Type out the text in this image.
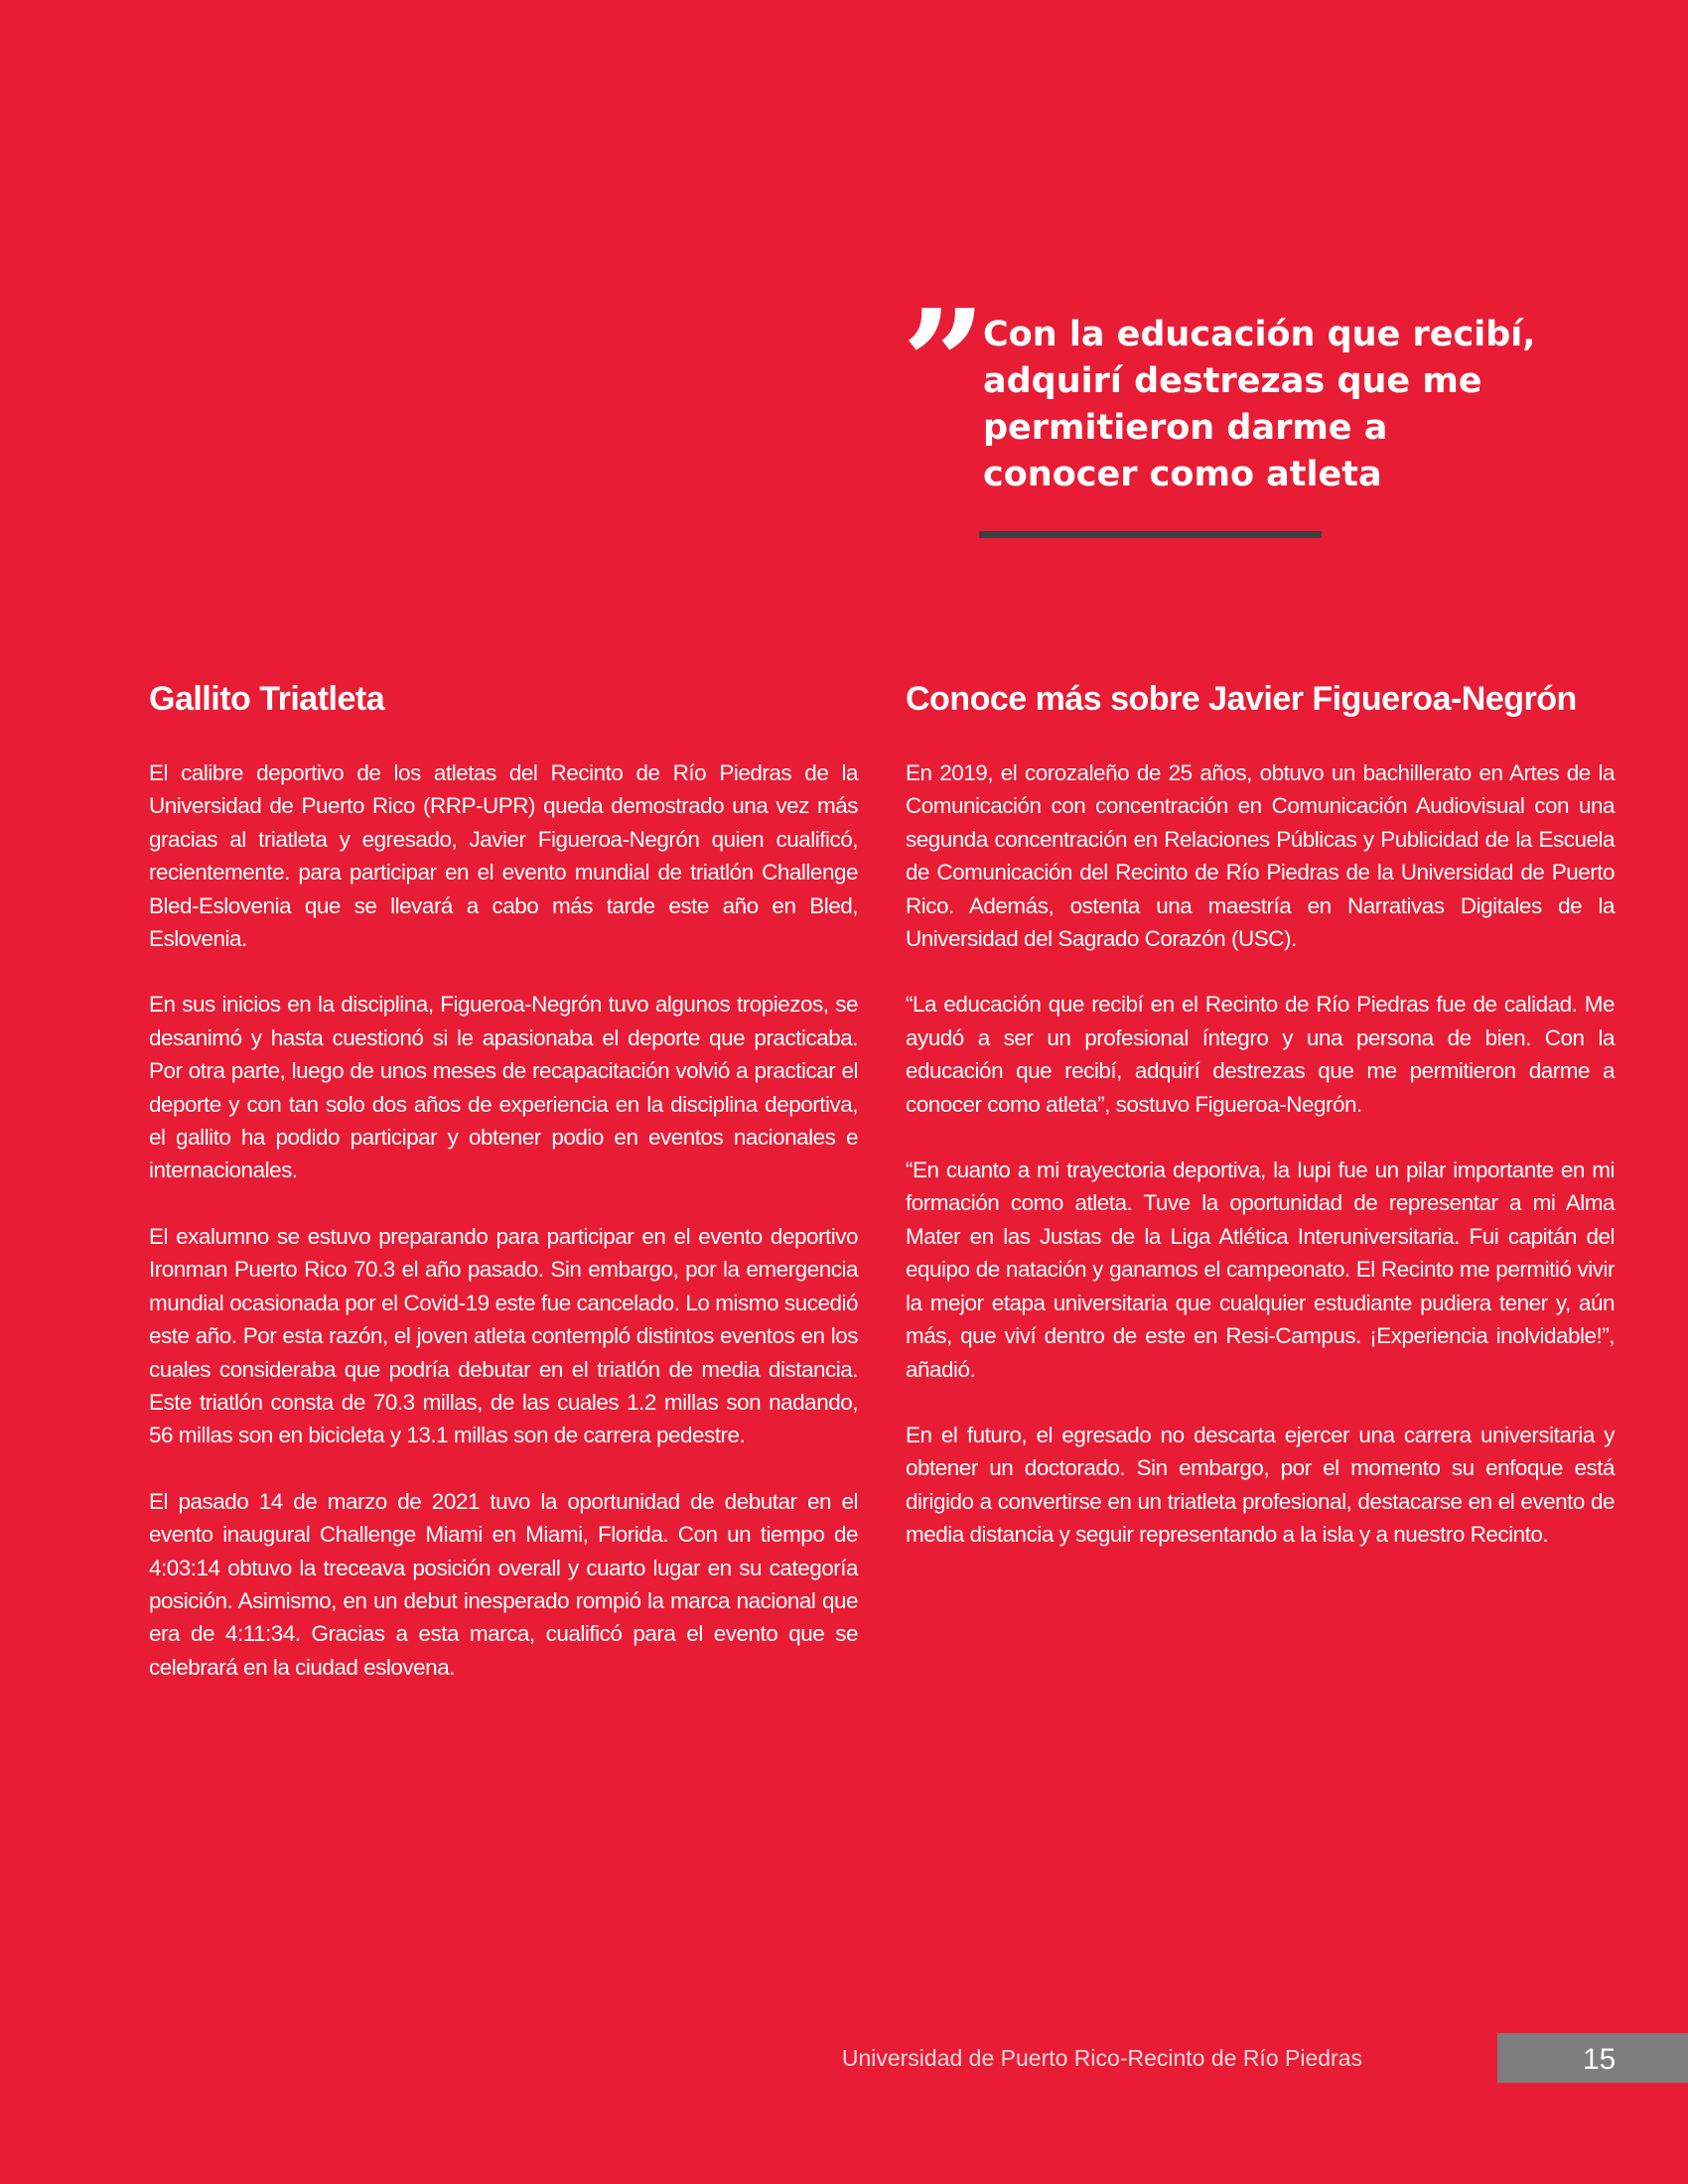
” Con la educación que recibí, adquirí destrezas que me permitieron darme a conocer como atleta

Gallito Triatleta

El calibre deportivo de los atletas del Recinto de Río Piedras de la Universidad de Puerto Rico (RRP-UPR) queda demostrado una vez más gracias al triatleta y egresado, Javier Figueroa-Negrón quien cualificó, recientemente. para participar en el evento mundial de triatlón Challenge Bled-Eslovenia que se llevará a cabo más tarde este año en Bled, Eslovenia.

En sus inicios en la disciplina, Figueroa-Negrón tuvo algunos tropiezos, se desanimó y hasta cuestionó si le apasionaba el deporte que practicaba. Por otra parte, luego de unos meses de recapacitación volvió a practicar el deporte y con tan solo dos años de experiencia en la disciplina deportiva, el gallito ha podido participar y obtener podio en eventos nacionales e internacionales.

El exalumno se estuvo preparando para participar en el evento deportivo Ironman Puerto Rico 70.3 el año pasado. Sin embargo, por la emergencia mundial ocasionada por el Covid-19 este fue cancelado. Lo mismo sucedió este año. Por esta razón, el joven atleta contempló distintos eventos en los cuales consideraba que podría debutar en el triatlón de media distancia. Este triatlón consta de 70.3 millas, de las cuales 1.2 millas son nadando, 56 millas son en bicicleta y 13.1 millas son de carrera pedestre.

El pasado 14 de marzo de 2021 tuvo la oportunidad de debutar en el evento inaugural Challenge Miami en Miami, Florida. Con un tiempo de 4:03:14 obtuvo la treceava posición overall y cuarto lugar en su categoría posición. Asimismo, en un debut inesperado rompió la marca nacional que era de 4:11:34. Gracias a esta marca, cualificó para el evento que se celebrará en la ciudad eslovena.

Conoce más sobre Javier Figueroa-Negrón

En 2019, el corozaleño de 25 años, obtuvo un bachillerato en Artes de la Comunicación con concentración en Comunicación Audiovisual con una segunda concentración en Relaciones Públicas y Publicidad de la Escuela de Comunicación del Recinto de Río Piedras de la Universidad de Puerto Rico. Además, ostenta una maestría en Narrativas Digitales de la Universidad del Sagrado Corazón (USC).

“La educación que recibí en el Recinto de Río Piedras fue de calidad. Me ayudó a ser un profesional íntegro y una persona de bien. Con la educación que recibí, adquirí destrezas que me permitieron darme a conocer como atleta”, sostuvo Figueroa-Negrón.

“En cuanto a mi trayectoria deportiva, la Iupi fue un pilar importante en mi formación como atleta. Tuve la oportunidad de representar a mi Alma Mater en las Justas de la Liga Atlética Interuniversitaria. Fui capitán del equipo de natación y ganamos el campeonato. El Recinto me permitió vivir la mejor etapa universitaria que cualquier estudiante pudiera tener y, aún más, que viví dentro de este en Resi-Campus. ¡Experiencia inolvidable!”, añadió.

En el futuro, el egresado no descarta ejercer una carrera universitaria y obtener un doctorado. Sin embargo, por el momento su enfoque está dirigido a convertirse en un triatleta profesional, destacarse en el evento de media distancia y seguir representando a la isla y a nuestro Recinto.

Universidad de Puerto Rico-Recinto de Río Piedras	15
